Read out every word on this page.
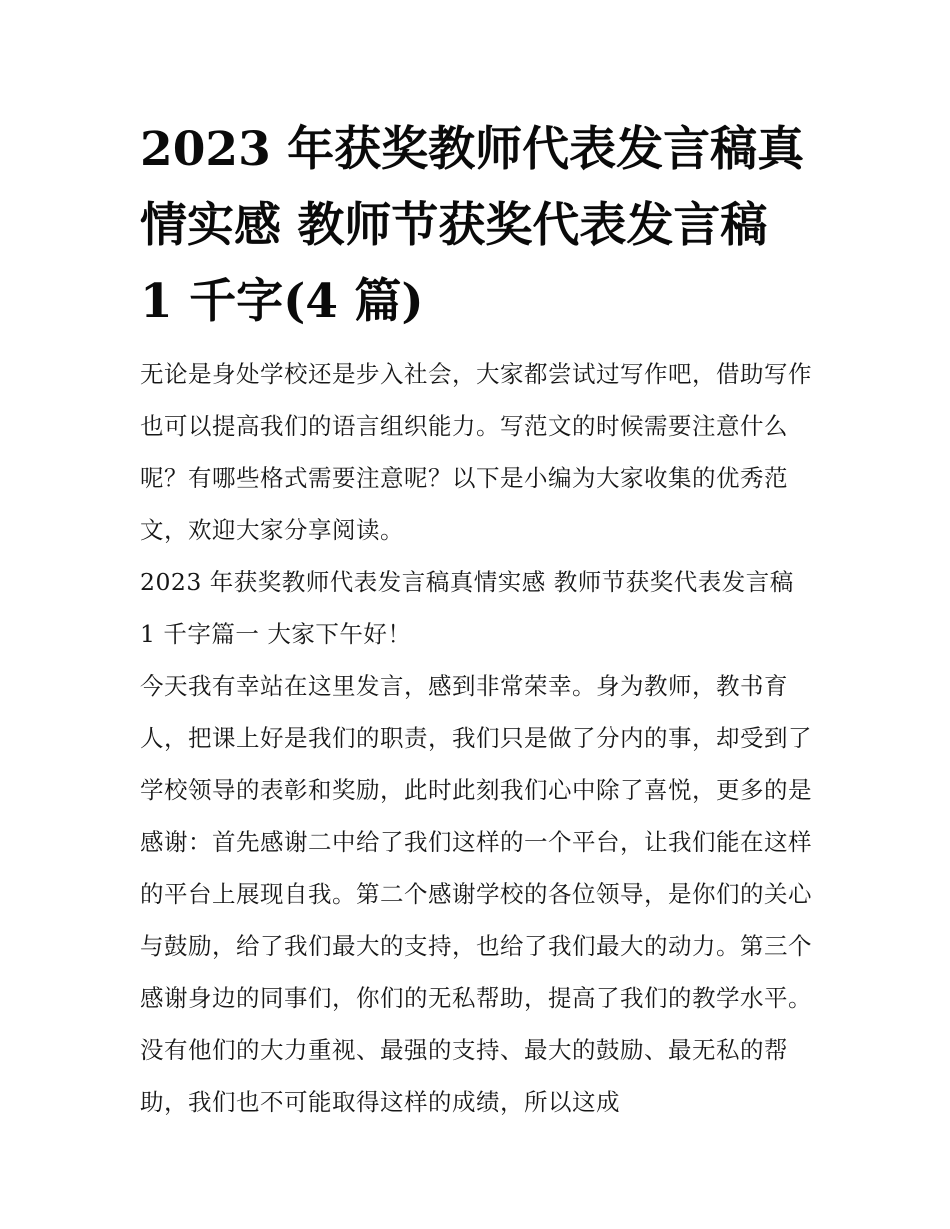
2023 年获奖教师代表发言稿真情实感 教师节获奖代表发言稿 1 千字(4 篇)

无论是身处学校还是步入社会，大家都尝试过写作吧，借助写作也可以提高我们的语言组织能力。写范文的时候需要注意什么呢？有哪些格式需要注意呢？以下是小编为大家收集的优秀范文，欢迎大家分享阅读。

2023 年获奖教师代表发言稿真情实感 教师节获奖代表发言稿 1 千字篇一 大家下午好！

今天我有幸站在这里发言，感到非常荣幸。身为教师，教书育人，把课上好是我们的职责，我们只是做了分内的事，却受到了学校领导的表彰和奖励，此时此刻我们心中除了喜悦，更多的是感谢：首先感谢二中给了我们这样的一个平台，让我们能在这样的平台上展现自我。第二个感谢学校的各位领导，是你们的关心与鼓励，给了我们最大的支持，也给了我们最大的动力。第三个感谢身边的同事们，你们的无私帮助，提高了我们的教学水平。没有他们的大力重视、最强的支持、最大的鼓励、最无私的帮助，我们也不可能取得这样的成绩，所以这成
